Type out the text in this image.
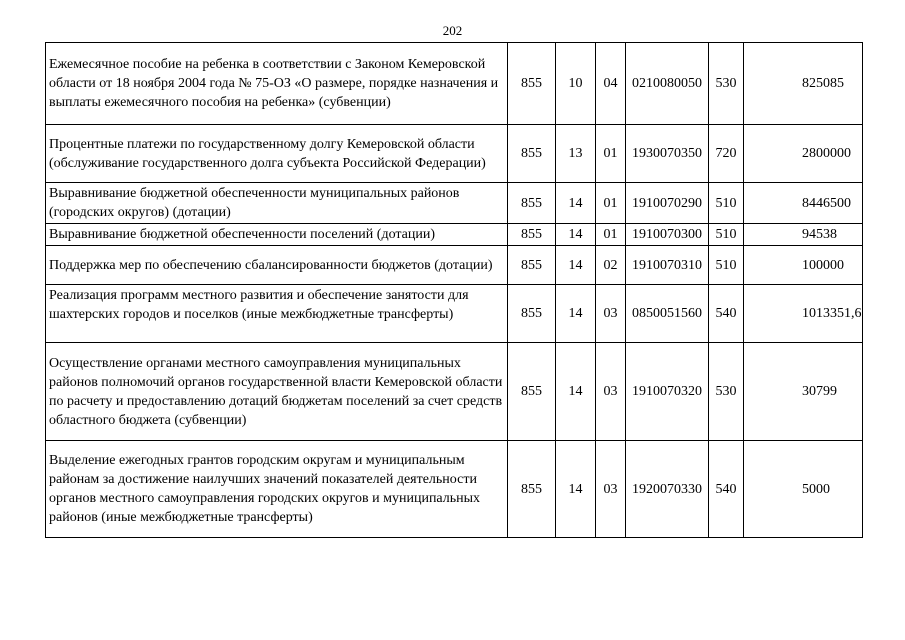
202
Ежемесячное пособие на ребенка в соответствии с Законом Кемеровской области от 18 ноября 2004 года № 75-ОЗ «О размере, порядке назначения и выплаты ежемесячного пособия на ребенка» (субвенции)	855	10	04	0210080050	530	825085
Процентные платежи по государственному долгу Кемеровской области (обслуживание государственного долга субъекта Российской Федерации)	855	13	01	1930070350	720	2800000
Выравнивание бюджетной обеспеченности муниципальных районов (городских округов) (дотации)	855	14	01	1910070290	510	8446500
Выравнивание бюджетной обеспеченности поселений (дотации)	855	14	01	1910070300	510	94538
Поддержка мер по обеспечению сбалансированности бюджетов (дотации)	855	14	02	1910070310	510	100000
Реализация программ местного развития и обеспечение занятости для шахтерских городов и поселков (иные межбюджетные трансферты)	855	14	03	0850051560	540	1013351,6
Осуществление органами местного самоуправления муниципальных районов полномочий органов государственной власти Кемеровской области по расчету и предоставлению дотаций бюджетам поселений за счет средств областного бюджета (субвенции)	855	14	03	1910070320	530	30799
Выделение ежегодных грантов городским округам и муниципальным районам за достижение наилучших значений показателей деятельности органов местного самоуправления городских округов и муниципальных районов (иные межбюджетные трансферты)	855	14	03	1920070330	540	5000
